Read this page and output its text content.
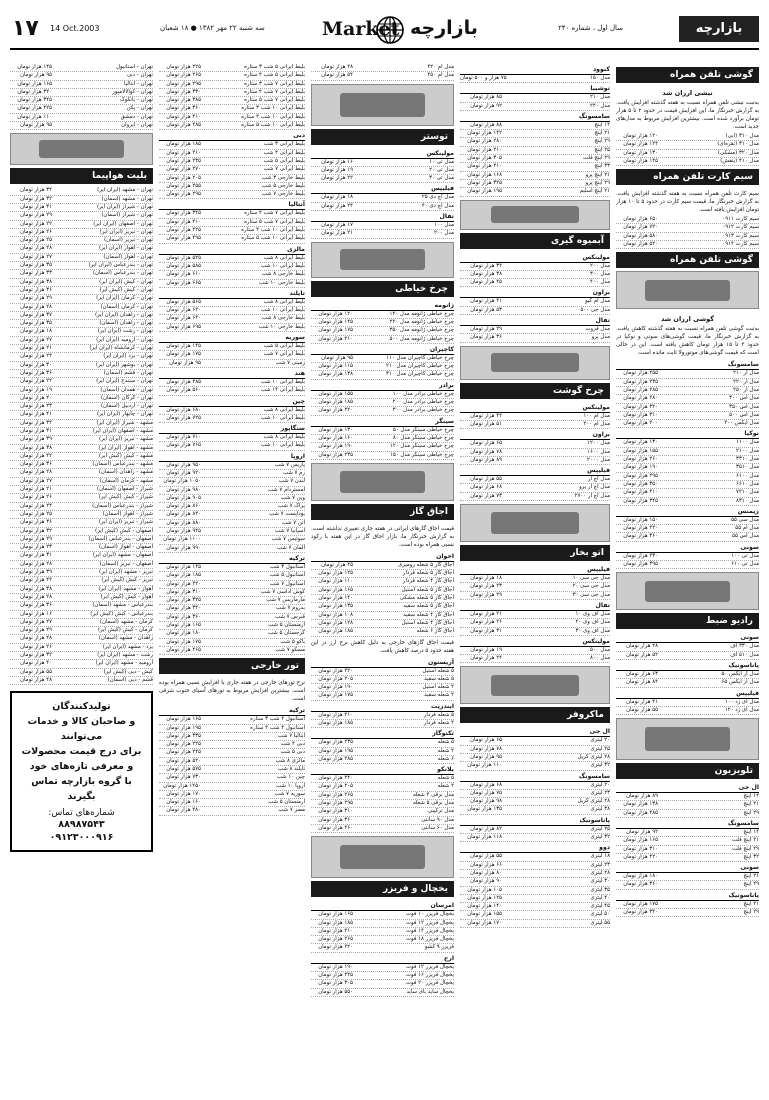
۱۷ 14 Oct.2003	سه شنبه ۲۲ مهر ۱۳۸۲ ● ۱۸ شعبان	Market بازارچه	سال اول ، شماره ۲۴۰	بازارچه
گوشی تلفن همراه
نیشی ارزان شد
به‌تبت نیشی تلفن همراه نسبت به هفته گذشته افزایش یافت. به گزارش خبرنگار ما، این افزایش قیمت در حدود ۲ تا ۵ هزار تومان برآورد شده است. بیشترین افزایش مربوط به مدل‌های جدید است.
۱۲۰ هزار تومان	مدل ۳۱۰ (آبی)
۱۲۴ هزار تومان	مدل ۳۱۰ (نقره‌ای)
۱۳۰ هزار تومان	مدل ۳۲۰ (مشکی)
۱۴۵ هزار تومان	مدل ۴۱۰ (بنفش)
سیم کارت تلفن همراه
سیم کارت تلفن همراه نسبت به هفته گذشته افزایش یافت. به گزارش خبرنگار ما، قیمت سیم کارت در حدود ۵ تا ۱۰ هزار تومان افزایش یافته است.
۶۵۰ هزار تومان	سیم کارت ۰۹۱۱
۷۲۰ هزار تومان	سیم کارت ۰۹۱۲
۵۸۰ هزار تومان	سیم کارت ۰۹۱۳
۵۲۰ هزار تومان	سیم کارت ۰۹۱۴
گوشی تلفن همراه
گوشی ارزان شد
به‌تبت گوشی تلفن همراه نسبت به هفته گذشته کاهش یافت. به گزارش خبرنگار ما، قیمت گوشی‌های سونی و نوکیا در حدود ۳ تا ۱۵ هزار تومان کاهش یافته است. این در حالی است که قیمت گوشی‌های موتورولا ثابت مانده است.
سامسونگ
۲۵۵ هزار تومان	مدل آر ۲۱۰
۲۳۵ هزار تومان	مدل آر ۲۲۰
۲۸۵ هزار تومان	مدل آر ۲۵۰
۲۸۰ هزار تومان	مدل اس ۳۰۰
۳۲۰ هزار تومان	مدل اس ۳۵۰
۳۱۰ هزار تومان	مدل اس ۵۰۰
۲۰۰ هزار تومان	مدل ایکس ۴۰۰
نوکیا
۱۳۰ هزار تومان	مدل ۱۱۰۰
۱۵۵ هزار تومان	مدل ۲۱۰۰
۲۶۰ هزار تومان	مدل ۳۳۱۰
۱۹۰ هزار تومان	مدل ۳۵۱۰
۲۹۵ هزار تومان	مدل ۶۱۰۰
۳۵۰ هزار تومان	مدل ۶۶۱۰
۴۱۰ هزار تومان	مدل ۷۲۱۰
۳۴۵ هزار تومان	مدل ۸۳۱۰
زیمنس
۱۵۰ هزار تومان	مدل سی ۵۵
۲۲۰ هزار تومان	مدل ام ۵۵
۳۶۰ هزار تومان	مدل اس ۵۵
سونی
۲۳۰ هزار تومان	مدل تی ۱۰۰
۳۹۵ هزار تومان	مدل تی ۶۱۰
رادیو ضبط
سونی
۴۸ هزار تومان	مدل ۳۳۰ اف
۵۲ هزار تومان	مدل ۵۱۰ اف
پاناسونیک
۶۳ هزار تومان	مدل آر ایکس ۵۰
۸۴ هزار تومان	مدل آر ایکس ۶۵
فیلیپس
۴۱ هزار تومان	مدل ای زد ۱۰۰
۵۵ هزار تومان	مدل ای زد ۱۲۰
تلویزیون
ال جی
۸۹ هزار تومان	۱۴ اینچ
۱۳۸ هزار تومان	۲۱ اینچ
۲۸۵ هزار تومان	۲۹ اینچ
سامسونگ
۹۲ هزار تومان	۱۴ اینچ
۱۶۵ هزار تومان	۲۱ اینچ فلت
۳۱۰ هزار تومان	۲۹ اینچ فلت
۴۲۰ هزار تومان	۳۲ اینچ
سونی
۱۸۰ هزار تومان	۲۱ اینچ
۳۶۰ هزار تومان	۲۹ اینچ
پاناسونیک
۱۷۵ هزار تومان	۲۱ اینچ
۳۴۰ هزار تومان	۲۹ اینچ
کنوود
۷۵ هزار و ۵۰۰ تومان	مدل ۱۵۰
توشیبا
۸۵ هزار تومان	مدل ۲۱۰
۹۲ هزار تومان	مدل ۲۴۰
سامسونگ
۸۸ هزار تومان	۱۴ اینچ
۱۴۲ هزار تومان	۲۱ اینچ
۲۸۰ هزار تومان	۲۹ اینچ
۲۱۰ هزار تومان	۲۵ اینچ
۳۰۵ هزار تومان	۲۹ اینچ فلت
۴۱۰ هزار تومان	۳۳ اینچ
۱۶۸ هزار تومان	۲۱ اینچ پرو
۳۲۵ هزار تومان	۲۹ اینچ پرو
۱۹۵ هزار تومان	۲۱ اینچ اسلیم
آبمیوه گیری
مولینکس
۳۲ هزار تومان	مدل ۲۰۰
۳۸ هزار تومان	مدل ۳۰۰
۴۵ هزار تومان	مدل ۴۰۰
براون
۴۱ هزار تومان	مدل ام کیو
۵۳ هزار تومان	مدل جی ۵۰۰
تفال
۲۹ هزار تومان	مدل فروت
۳۶ هزار تومان	مدل پرو
چرخ گوشت
مولینکس
۴۲ هزار تومان	مدل ام ۱۰۰
۵۱ هزار تومان	مدل ام ۲۰۰
براون
۶۵ هزار تومان	مدل ۱۲۰۰
۷۸ هزار تومان	مدل ۱۶۰۰
۸۹ هزار تومان	مدل ۲۰۰۰
فیلیپس
۵۵ هزار تومان	مدل اچ آر
۶۸ هزار تومان	مدل اچ آر پرو
۷۳ هزار تومان	مدل اچ آر ۲۷۰۰
اتو بخار
فیلیپس
۱۸ هزار تومان	مدل جی سی ۱۰
۲۳ هزار تومان	مدل جی سی ۲۰
۲۹ هزار تومان	مدل جی سی ۳۰
تفال
۲۱ هزار تومان	مدل اف وی ۱۰
۲۶ هزار تومان	مدل اف وی ۲۰
۳۱ هزار تومان	مدل اف وی ۳۰
مولینکس
۱۹ هزار تومان	مدل ۵۰۰
۲۴ هزار تومان	مدل ۸۰۰
ماکروفر
ال جی
۶۵ هزار تومان	۲۰ لیتری
۷۸ هزار تومان	۲۵ لیتری
۹۵ هزار تومان	۲۸ لیتری گریل
۱۱۰ هزار تومان	۳۲ لیتری
سامسونگ
۶۸ هزار تومان	۲۰ لیتری
۷۵ هزار تومان	۲۳ لیتری
۹۸ هزار تومان	۲۸ لیتری گریل
۱۳۵ هزار تومان	۳۸ لیتری
پاناسونیک
۸۲ هزار تومان	۲۵ لیتری
۱۱۸ هزار تومان	۳۲ لیتری
دوو
۵۵ هزار تومان	۱۸ لیتری
۶۶ هزار تومان	۲۳ لیتری
۸۰ هزار تومان	۲۸ لیتری
۹۰ هزار تومان	۳۰ لیتری
۱۰۵ هزار تومان	۳۵ لیتری
۱۲۵ هزار تومان	۴۰ لیتری
۱۴۰ هزار تومان	۴۵ لیتری
۱۵۵ هزار تومان	۵۰ لیتری
۱۷۰ هزار تومان	۵۵ لیتری
۴۸ هزار تومان	مدل ام ۴۲۰
۵۴ هزار تومان	مدل ام ۴۵۰
توستر
مولینکس
۱۶ هزار تومان	مدل تی ۱۰
۱۹ هزار تومان	مدل تی ۲۰
۲۲ هزار تومان	مدل تی ۳۰
فیلیپس
۱۸ هزار تومان	مدل اچ دی ۲۵
۲۴ هزار تومان	مدل اچ دی ۴۰
تفال
۱۷ هزار تومان	مدل ۱۰۰
۲۱ هزار تومان	مدل ۲۰۰
چرخ خیاطی
ژانومه
۱۲۰ هزار تومان	چرخ خیاطی ژانومه مدل ۱۴۰
۱۴۵ هزار تومان	چرخ خیاطی ژانومه مدل ۲۲۰
۱۷۵ هزار تومان	چرخ خیاطی ژانومه مدل ۳۵۰
۲۱۰ هزار تومان	چرخ خیاطی ژانومه مدل ۵۰۰
کاچیران
۹۵ هزار تومان	چرخ خیاطی کاچیران مدل ۱۱۰
۱۱۵ هزار تومان	چرخ خیاطی کاچیران مدل ۲۱۰
۱۳۸ هزار تومان	چرخ خیاطی کاچیران مدل ۳۱۰
برادر
۱۵۵ هزار تومان	چرخ خیاطی برادر مدل ۱۰۰
۱۸۵ هزار تومان	چرخ خیاطی برادر مدل ۲۰۰
۲۲۰ هزار تومان	چرخ خیاطی برادر مدل ۳۰۰
سینگر
۱۳۰ هزار تومان	چرخ خیاطی سینگر مدل ۵۰
۱۶۰ هزار تومان	چرخ خیاطی سینگر مدل ۸۰
۱۹۰ هزار تومان	چرخ خیاطی سینگر مدل ۱۲۰
۲۳۵ هزار تومان	چرخ خیاطی سینگر مدل ۱۵۰
اجاق گاز
قیمت اجاق گازهای ایرانی در هفته جاری تغییری نداشته است. به گزارش خبرنگار ما، بازار اجاق گاز در این هفته با رکود نسبی همراه بوده است.
اخوان
۴۵ هزار تومان	اجاق گاز ۵ شعله رومیزی
۱۲۵ هزار تومان	اجاق گاز ۵ شعله فردار
۱۱۰ هزار تومان	اجاق گاز ۴ شعله فردار
۱۶۵ هزار تومان	اجاق گاز ۵ شعله استیل
۱۴۰ هزار تومان	اجاق گاز ۵ شعله مشکی
۱۳۵ هزار تومان	اجاق گاز ۵ شعله سفید
۱۰۸ هزار تومان	اجاق گاز ۴ شعله سفید
۱۲۸ هزار تومان	اجاق گاز ۴ شعله استیل
۱۸۵ هزار تومان	اجاق گاز ۶ شعله
قیمت اجاق گازهای خارجی به دلیل کاهش نرخ ارز در این هفته حدود ۵ درصد کاهش یافت.
آریستون
۲۲۰ هزار تومان	۵ شعله استیل
۲۰۵ هزار تومان	۵ شعله سفید
۱۹۰ هزار تومان	۴ شعله استیل
۱۷۵ هزار تومان	۴ شعله سفید
ایندزیت
۲۱۰ هزار تومان	۵ شعله فردار
۱۸۵ هزار تومان	۴ شعله فردار
تکنوگاز
۲۳۵ هزار تومان	۵ شعله
۱۹۵ هزار تومان	۴ شعله
۲۸۵ هزار تومان	۶ شعله
بلانکو
۲۴۰ هزار تومان	۵ شعله
۲۰۵ هزار تومان	۴ شعله
۲۶۵ هزار تومان	مدل برقی ۴ شعله
۲۹۵ هزار تومان	مدل برقی ۵ شعله
۳۱۰ هزار تومان	مدل ترکیبی
۳۶۰ هزار تومان	مدل ۹۰ سانتی
۲۶۰ هزار تومان	مدل ۶۰ سانتی
یخچال و فریزر
امرسان
۱۶۵ هزار تومان	یخچال فریزر ۱۰ فوت
۱۸۵ هزار تومان	یخچال فریزر ۱۲ فوت
۲۱۰ هزار تومان	یخچال فریزر ۱۴ فوت
۲۶۵ هزار تومان	یخچال فریزر ۱۸ فوت
۲۲۰ هزار تومان	فریزر ۹ کشو
ارج
۱۹۰ هزار تومان	یخچال فریزر ۱۲ فوت
۲۴۵ هزار تومان	یخچال فریزر ۱۶ فوت
۳۰۵ هزار تومان	یخچال فریزر ۲۰ فوت
۵۵۰ هزار تومان	یخچال ساید بای ساید
۲۲۵ هزار تومان	بلیط ایرانی ۵ شب ۳ ستاره
۲۶۵ هزار تومان	بلیط ایرانی ۵ شب ۴ ستاره
۲۹۵ هزار تومان	بلیط ایرانی ۷ شب ۳ ستاره
۳۳۰ هزار تومان	بلیط ایرانی ۷ شب ۴ ستاره
۳۸۵ هزار تومان	بلیط ایرانی ۷ شب ۵ ستاره
۳۶۰ هزار تومان	بلیط ایرانی ۱۰ شب ۳ ستاره
۴۱۰ هزار تومان	بلیط ایرانی ۱۰ شب ۴ ستاره
۴۸۵ هزار تومان	بلیط ایرانی ۱۰ شب ۵ ستاره
دبی
۱۸۵ هزار تومان	بلیط ایرانی ۳ شب
۲۱۰ هزار تومان	بلیط ایرانی ۴ شب
۲۳۵ هزار تومان	بلیط ایرانی ۵ شب
۲۷۰ هزار تومان	بلیط ایرانی ۷ شب
۲۰۵ هزار تومان	بلیط خارجی ۳ شب
۲۵۵ هزار تومان	بلیط خارجی ۵ شب
۲۹۵ هزار تومان	بلیط خارجی ۷ شب
آنتالیا
۳۴۵ هزار تومان	بلیط ایرانی ۷ شب ۴ ستاره
۴۱۰ هزار تومان	بلیط ایرانی ۷ شب ۵ ستاره
۴۲۵ هزار تومان	بلیط ایرانی ۱۰ شب ۴ ستاره
۴۹۵ هزار تومان	بلیط ایرانی ۱۰ شب ۵ ستاره
مالزی
۵۲۵ هزار تومان	بلیط ایرانی ۸ شب
۵۸۵ هزار تومان	بلیط ایرانی ۱۰ شب
۶۱۰ هزار تومان	بلیط خارجی ۸ شب
۶۶۵ هزار تومان	بلیط خارجی ۱۰ شب
تایلند
۵۶۵ هزار تومان	بلیط ایرانی ۸ شب
۶۲۰ هزار تومان	بلیط ایرانی ۱۰ شب
۶۴۰ هزار تومان	بلیط خارجی ۸ شب
۶۹۵ هزار تومان	بلیط خارجی ۱۰ شب
سوریه
۱۴۵ هزار تومان	بلیط ایرانی ۵ شب
۱۷۵ هزار تومان	بلیط ایرانی ۷ شب
۹۵ هزار تومان	زمینی ۷ شب
هند
۴۸۵ هزار تومان	بلیط ایرانی ۱۰ شب
۵۶۰ هزار تومان	بلیط ایرانی ۱۴ شب
چین
۶۸۰ هزار تومان	بلیط ایرانی ۸ شب
۷۲۵ هزار تومان	بلیط ایرانی ۱۰ شب
سنگاپور
۷۱۰ هزار تومان	بلیط ایرانی ۸ شب
۷۶۵ هزار تومان	بلیط ایرانی ۱۰ شب
اروپا
۹۵۰ هزار تومان	پاریس ۷ شب
۹۲۰ هزار تومان	رم ۷ شب
۱۰۵۰ هزار تومان	لندن ۷ شب
۹۸۰ هزار تومان	آمستردام ۷ شب
۹۰۵ هزار تومان	وین ۷ شب
۸۶۰ هزار تومان	پراگ ۷ شب
۸۴۰ هزار تومان	بوداپست ۷ شب
۸۸۰ هزار تومان	آتن ۷ شب
۹۴۵ هزار تومان	اسپانیا ۷ شب
۱۱۰۰ هزار تومان	سوئیس ۷ شب
۹۹۰ هزار تومان	آلمان ۷ شب
ترکیه
۱۴۵ هزار تومان	استانبول ۳ شب
۱۸۵ هزار تومان	استانبول ۵ شب
۲۲۰ هزار تومان	استانبول ۷ شب
۳۱۰ هزار تومان	کوش آداسی ۷ شب
۳۲۵ هزار تومان	مارماریس ۷ شب
۳۴۰ هزار تومان	بدروم ۷ شب
۳۶۰ هزار تومان	قبرس ۷ شب
۱۶۵ هزار تومان	ارمنستان ۵ شب
۱۸۰ هزار تومان	گرجستان ۵ شب
۱۷۵ هزار تومان	باکو ۵ شب
۴۶۵ هزار تومان	مسکو ۷ شب
تور خارجی
نرخ تورهای خارجی در هفته جاری با افزایش نسبی همراه بوده است. بیشترین افزایش مربوط به تورهای آسیای جنوب شرقی است.
ترکیه
۱۶۵ هزار تومان	استانبول ۴ شب ۳ ستاره
۱۹۵ هزار تومان	استانبول ۴ شب ۴ ستاره
۳۳۵ هزار تومان	آنتالیا ۷ شب
۲۲۵ هزار تومان	دبی ۴ شب
۲۴۵ هزار تومان	دبی ۵ شب
۵۲۰ هزار تومان	مالزی ۸ شب
۵۷۵ هزار تومان	تایلند ۸ شب
۷۳۰ هزار تومان	چین ۱۰ شب
۱۲۵۰ هزار تومان	اروپا ۱۰ شب
۱۷۰ هزار تومان	سوریه ۷ شب
۱۶۰ هزار تومان	ارمنستان ۵ شب
۴۸۰ هزار تومان	مصر ۷ شب
۱۴۵ هزار تومان	تهران - استانبول
۹۵ هزار تومان	تهران - دبی
۱۶۵ هزار تومان	تهران - آنتالیا
۳۲۰ هزار تومان	تهران - کوالالامپور
۳۴۵ هزار تومان	تهران - بانکوک
۴۲۵ هزار تومان	تهران - پکن
۱۱۰ هزار تومان	تهران - دمشق
۹۵ هزار تومان	تهران - ایروان
بلیت هواپیما
۳۴ هزار تومان	تهران - مشهد (ایران ایر)
۳۲ هزار تومان	تهران - مشهد (آسمان)
۳۱ هزار تومان	تهران - شیراز (ایران ایر)
۲۹ هزار تومان	تهران - شیراز (آسمان)
۲۲ هزار تومان	تهران - اصفهان (ایران ایر)
۲۶ هزار تومان	تهران - تبریز (ایران ایر)
۲۵ هزار تومان	تهران - تبریز (آسمان)
۲۸ هزار تومان	تهران - اهواز (ایران ایر)
۲۷ هزار تومان	تهران - اهواز (آسمان)
۳۵ هزار تومان	تهران - بندرعباس (ایران ایر)
۳۳ هزار تومان	تهران - بندرعباس (آسمان)
۳۸ هزار تومان	تهران - کیش (ایران ایر)
۳۶ هزار تومان	تهران - کیش (کیش ایر)
۲۹ هزار تومان	تهران - کرمان (ایران ایر)
۲۸ هزار تومان	تهران - کرمان (آسمان)
۳۷ هزار تومان	تهران - زاهدان (ایران ایر)
۳۵ هزار تومان	تهران - زاهدان (آسمان)
۱۸ هزار تومان	تهران - رشت (ایران ایر)
۲۷ هزار تومان	تهران - ارومیه (ایران ایر)
۲۱ هزار تومان	تهران - کرمانشاه (ایران ایر)
۲۴ هزار تومان	تهران - یزد (ایران ایر)
۳۰ هزار تومان	تهران - بوشهر (ایران ایر)
۳۶ هزار تومان	تهران - قشم (آسمان)
۲۲ هزار تومان	تهران - سنندج (ایران ایر)
۱۹ هزار تومان	تهران - همدان (آسمان)
۲۰ هزار تومان	تهران - گرگان (آسمان)
۲۳ هزار تومان	تهران - اردبیل (آسمان)
۴۱ هزار تومان	تهران - چابهار (ایران ایر)
۳۴ هزار تومان	مشهد - شیراز (ایران ایر)
۳۱ هزار تومان	مشهد - اصفهان (ایران ایر)
۳۹ هزار تومان	مشهد - تبریز (ایران ایر)
۳۸ هزار تومان	مشهد - اهواز (ایران ایر)
۴۲ هزار تومان	مشهد - کیش (کیش ایر)
۳۶ هزار تومان	مشهد - بندرعباس (آسمان)
۲۸ هزار تومان	مشهد - زاهدان (آسمان)
۲۷ هزار تومان	مشهد - کرمان (آسمان)
۲۱ هزار تومان	شیراز - اصفهان (آسمان)
۲۶ هزار تومان	شیراز - کیش (کیش ایر)
۲۴ هزار تومان	شیراز - بندرعباس (آسمان)
۲۵ هزار تومان	شیراز - اهواز (آسمان)
۳۶ هزار تومان	شیراز - تبریز (ایران ایر)
۳۲ هزار تومان	اصفهان - کیش (کیش ایر)
۲۹ هزار تومان	اصفهان - بندرعباس (آسمان)
۲۳ هزار تومان	اصفهان - اهواز (آسمان)
۳۱ هزار تومان	اصفهان - مشهد (ایران ایر)
۲۸ هزار تومان	اصفهان - تبریز (آسمان)
۳۹ هزار تومان	تبریز - مشهد (ایران ایر)
۴۴ هزار تومان	تبریز - کیش (کیش ایر)
۳۸ هزار تومان	اهواز - مشهد (ایران ایر)
۲۸ هزار تومان	اهواز - کیش (کیش ایر)
۳۶ هزار تومان	بندرعباس - مشهد (آسمان)
۱۶ هزار تومان	بندرعباس - کیش (کیش ایر)
۲۷ هزار تومان	کرمان - مشهد (آسمان)
۲۹ هزار تومان	کرمان - کیش (کیش ایر)
۲۸ هزار تومان	زاهدان - مشهد (آسمان)
۲۶ هزار تومان	یزد - مشهد (ایران ایر)
۳۲ هزار تومان	رشت - مشهد (ایران ایر)
۴۰ هزار تومان	ارومیه - مشهد (ایران ایر)
۵۵ هزار تومان	کیش - دبی (کیش ایر)
۴۸ هزار تومان	قشم - دبی (آسمان)
تولیدکنندگان
و صاحبان کالا و خدمات می‌توانند
برای درج قیمت محصولات
و معرفی تازه‌های خود
با گروه بازارچه تماس بگیرند
شماره‌های تماس:
۸۸۹۸۷۵۴۳
۰۹۱۲۳۰۰۰۹۱۶
